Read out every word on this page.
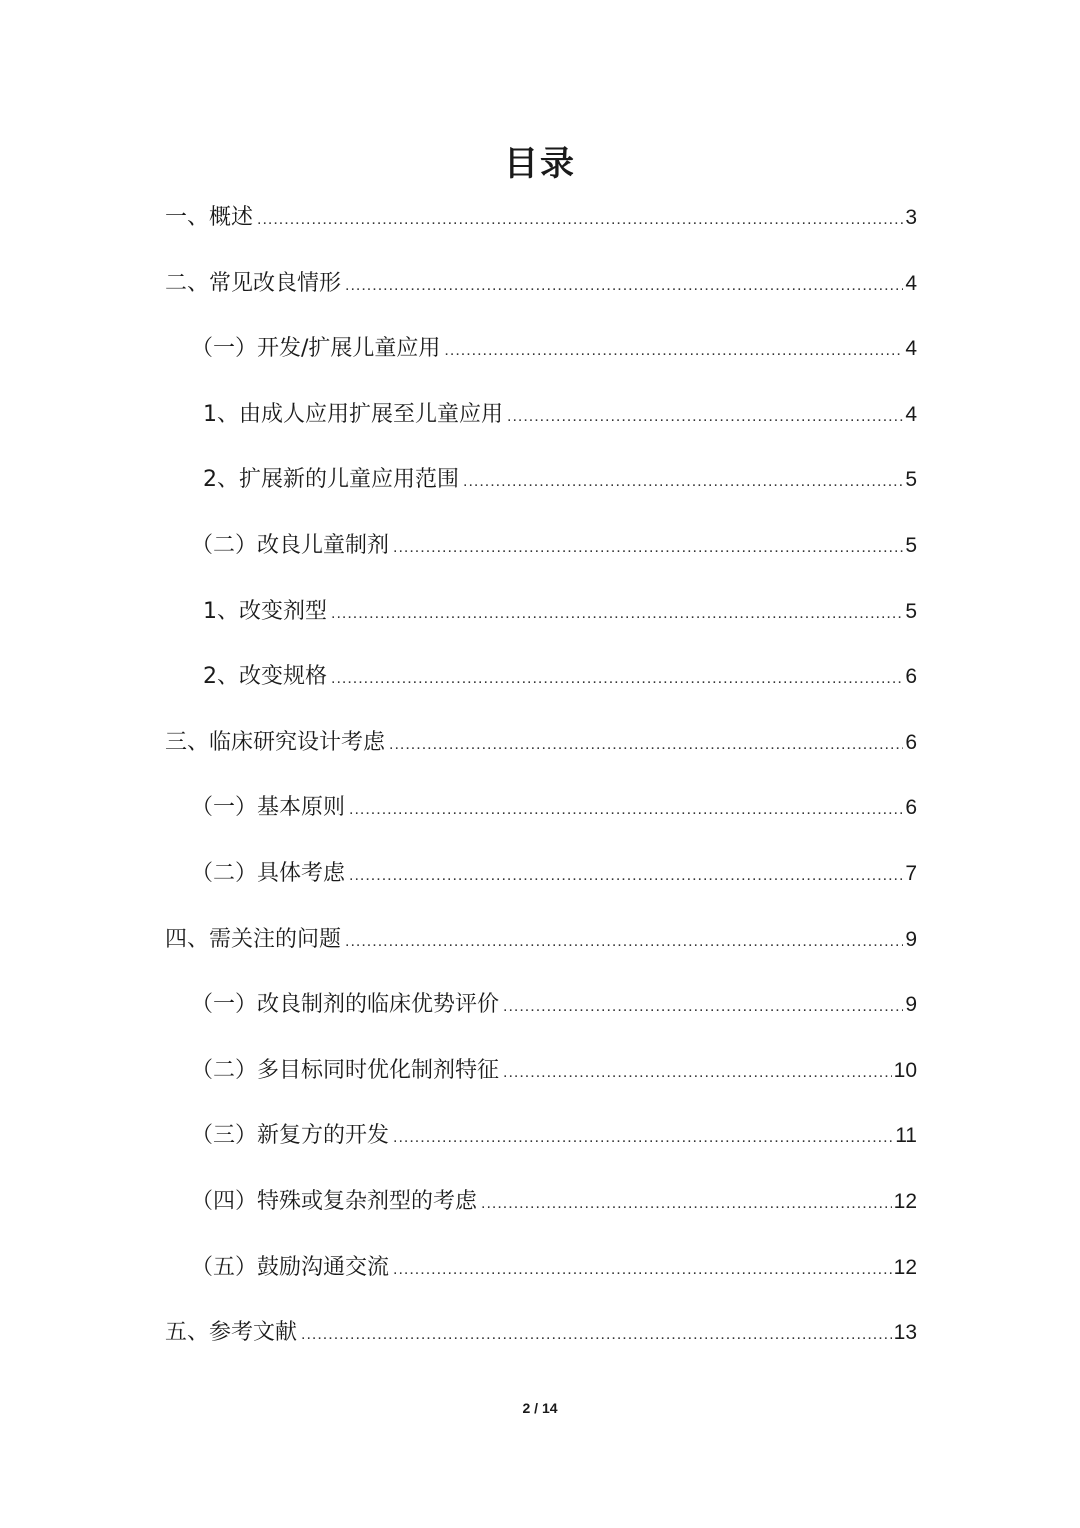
目录
一、概述 .....	3
二、常见改良情形 .....	4
（一）开发/扩展儿童应用 .....	4
1、由成人应用扩展至儿童应用 .....	4
2、扩展新的儿童应用范围 .....	5
（二）改良儿童制剂 .....	5
1、改变剂型 .....	5
2、改变规格 .....	6
三、临床研究设计考虑 .....	6
（一）基本原则 .....	6
（二）具体考虑 .....	7
四、需关注的问题 .....	9
（一）改良制剂的临床优势评价 .....	9
（二）多目标同时优化制剂特征 .....	10
（三）新复方的开发 .....	11
（四）特殊或复杂剂型的考虑 .....	12
（五）鼓励沟通交流 .....	12
五、参考文献 .....	13
2 / 14
